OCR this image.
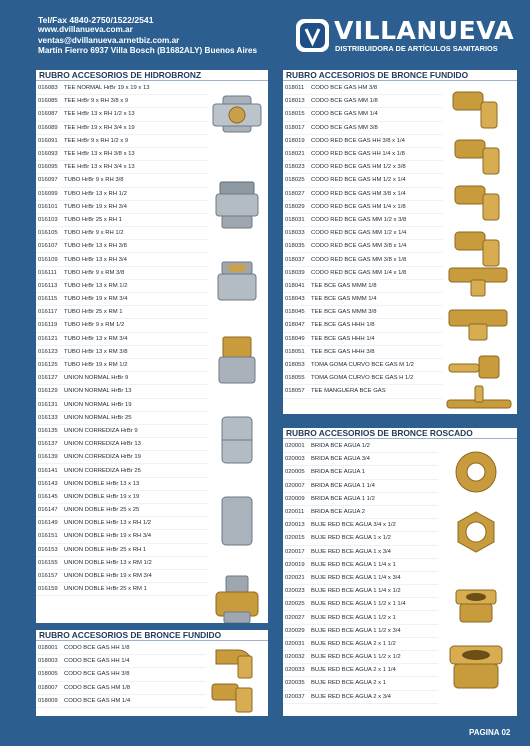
Tel/Fax 4840-2750/1522/2541
www.dvillanueva.com.ar
ventas@dvillanueva.arnetbiz.com.ar
Martín Fierro 6937 Villa Bosch (B1682ALY) Buenos Aires
VILLANUEVA
DISTRIBUIDORA DE ARTÍCULOS SANITARIOS
RUBRO ACCESORIOS DE HIDROBRONZ
016083	TEE NORMAL HrBr 19 x 19 x 13
016085	TEE HrBr 9 x RH 3/8 x 9
016087	TEE HrBr 13 x RH 1/2 x 13
016089	TEE HrBr 19 x RH 3/4 x 19
016091	TEE HrBr 9 x RH 1/2 x 9
016093	TEE HrBr 13 x RH 3/8 x 13
016095	TEE HrBr 13 x RH 3/4 x 13
016097	TUBO HrBr 9 x RH 3/8
016099	TUBO HrBr 13 x RH 1/2
016101	TUBO HrBr 19 x RH 3/4
016103	TUBO HrBr 25 x RH 1
016105	TUBO HrBr 9 x RH 1/2
016107	TUBO HrBr 13 x RH 3/8
016109	TUBO HrBr 13 x RH 3/4
016111	TUBO HrBr 9 x RM 3/8
016113	TUBO HrBr 13 x RM 1/2
016115	TUBO HrBr 19 x RM 3/4
016117	TUBO HrBr 25 x RM 1
016119	TUBO HrBr 9 x RM 1/2
016121	TUBO HrBr 13 x RM 3/4
016123	TUBO HrBr 13 x RM 3/8
016125	TUBO HrBr 19 x RM 1/2
016127	UNION NORMAL HrBr 9
016129	UNION NORMAL HrBr 13
016131	UNION NORMAL HrBr 19
016133	UNION NORMAL HrBr 25
016135	UNION CORREDIZA HrBr 9
016137	UNION CORREDIZA HrBr 13
016139	UNION CORREDIZA HrBr 19
016141	UNION CORREDIZA HrBr 25
016143	UNION DOBLE HrBr 13 x 13
016145	UNION DOBLE HrBr 19 x 19
016147	UNION DOBLE HrBr 25 x 25
016149	UNION DOBLE HrBr 13 x RH 1/2
016151	UNION DOBLE HrBr 19 x RH 3/4
016153	UNION DOBLE HrBr 25 x RH 1
016155	UNION DOBLE HrBr 13 x RM 1/2
016157	UNION DOBLE HrBr 19 x RM 3/4
016159	UNION DOBLE HrBr 25 x RM 1
RUBRO ACCESORIOS DE BRONCE FUNDIDO
018001	CODO BCE GAS HH 1/8
018003	CODO BCE GAS HH 1/4
018005	CODO BCE GAS HH 3/8
018007	CODO BCE GAS HM 1/8
018009	CODO BCE GAS HM 1/4
RUBRO ACCESORIOS DE BRONCE FUNDIDO
018011	CODO BCE GAS HM 3/8
018013	CODO BCE GAS MM 1/8
018015	CODO BCE GAS MM 1/4
018017	CODO BCE GAS MM 3/8
018019	CODO RED BCE GAS HH 3/8 x 1/4
018021	CODO RED BCE GAS HH 1/4 x 1/8
018023	CODO RED BCE GAS HM 1/2 x 3/8
018025	CODO RED BCE GAS HM 1/2 x 1/4
018027	CODO RED BCE GAS HM 3/8 x 1/4
018029	CODO RED BCE GAS HM 1/4 x 1/8
018031	CODO RED BCE GAS MM 1/2 x 3/8
018033	CODO RED BCE GAS MM 1/2 x 1/4
018035	CODO RED BCE GAS MM 3/8 x 1/4
018037	CODO RED BCE GAS MM 3/8 x 1/8
018039	CODO RED BCE GAS MM 1/4 x 1/8
018041	TEE BCE GAS MMM 1/8
018043	TEE BCE GAS MMM 1/4
018045	TEE BCE GAS MMM 3/8
018047	TEE BCE GAS HHH 1/8
018049	TEE BCE GAS HHH 1/4
018051	TEE BCE GAS HHH 3/8
018053	TOMA GOMA CURVO BCE GAS M 1/2
018055	TOMA GOMA CURVO BCE GAS H 1/2
018057	TEE MANGUERA BCE GAS
RUBRO ACCESORIOS DE BRONCE ROSCADO
020001	BRIDA BCE AGUA 1/2
020003	BRIDA BCE AGUA 3/4
020005	BRIDA BCE AGUA 1
020007	BRIDA BCE AGUA 1 1/4
020009	BRIDA BCE AGUA 1 1/2
020011	BRIDA BCE AGUA 2
020013	BUJE RED BCE AGUA 3/4 x 1/2
020015	BUJE RED BCE AGUA 1 x 1/2
020017	BUJE RED BCE AGUA 1 x 3/4
020019	BUJE RED BCE AGUA 1 1/4 x 1
020021	BUJE RED BCE AGUA 1 1/4 x 3/4
020023	BUJE RED BCE AGUA 1 1/4 x 1/2
020025	BUJE RED BCE AGUA 1 1/2 x 1 1/4
020027	BUJE RED BCE AGUA 1 1/2 x 1
020029	BUJE RED BCE AGUA 1 1/2 x 3/4
020031	BUJE RED BCE AGUA 2 x 1 1/2
020032	BUJE RED BCE AGUA 1 1/2 x 1/2
020033	BUJE RED BCE AGUA 2 x 1 1/4
020035	BUJE RED BCE AGUA 2 x 1
020037	BUJE RED BCE AGUA 2 x 3/4
PAGINA 02
